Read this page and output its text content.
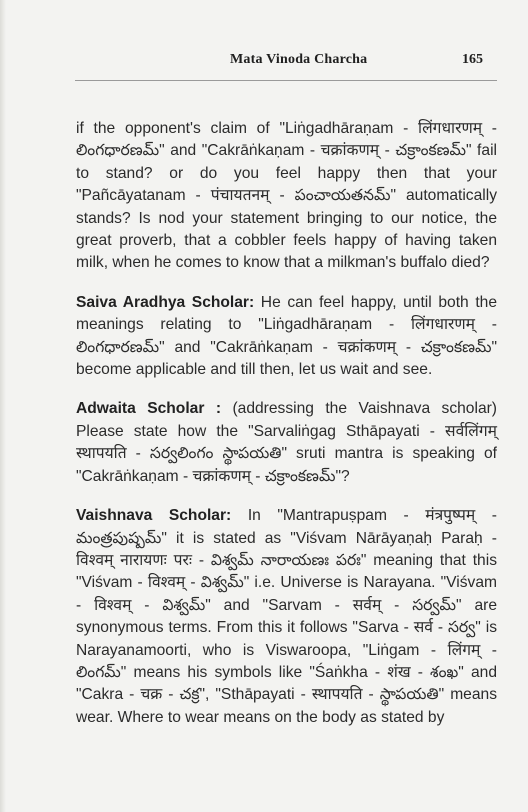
Mata Vinoda Charcha	165

if the opponent's claim of "Liṅgadhāraṇam - लिंगधारणम् - లింగధారణమ్" and "Cakrāṅkaṇam - चक्रांकणम् - చక్రాంకణమ్" fail to stand? or do you feel happy then that your "Pañcāyatanam - पंचायतनम् - పంచాయతనమ్" automatically stands? Is nod your statement bringing to our notice, the great proverb, that a cobbler feels happy of having taken milk, when he comes to know that a milkman's buffalo died?

Saiva Aradhya Scholar: He can feel happy, until both the meanings relating to "Liṅgadhāraṇam - लिंगधारणम् - లింగధారణమ్" and "Cakrāṅkaṇam - चक्रांकणम् - చక్రాంకణమ్" become applicable and till then, let us wait and see.

Adwaita Scholar : (addressing the Vaishnava scholar) Please state how the "Sarvaliṅgag Sthāpayati - सर्वलिंगम् स्थापयति - సర్వలింగం స్థాపయతి" sruti mantra is speaking of "Cakrāṅkaṇam - चक्रांकणम् - చక్రాంకణమ్"?

Vaishnava Scholar: In "Mantrapuṣpam - मंत्रपुष्पम् - మంత్రపుష్పమ్" it is stated as "Viśvam Nārāyaṇaḥ Paraḥ - विश्वम् नारायणः परः - విశ్వమ్ నారాయణః పరః" meaning that this "Viśvam - विश्वम् - విశ్వమ్" i.e. Universe is Narayana. "Viśvam - विश्वम् - విశ్వమ్" and "Sarvam - सर्वम् - సర్వమ్" are synonymous terms. From this it follows "Sarva - सर्व - సర్వ" is Narayanamoorti, who is Viswaroopa, "Liṅgam - लिंगम् - లింగమ్" means his symbols like "Śaṅkha - शंख - శంఖ" and "Cakra - चक्र - చక్ర", "Sthāpayati - स्थापयति - స్థాపయతి" means wear. Where to wear means on the body as stated by
